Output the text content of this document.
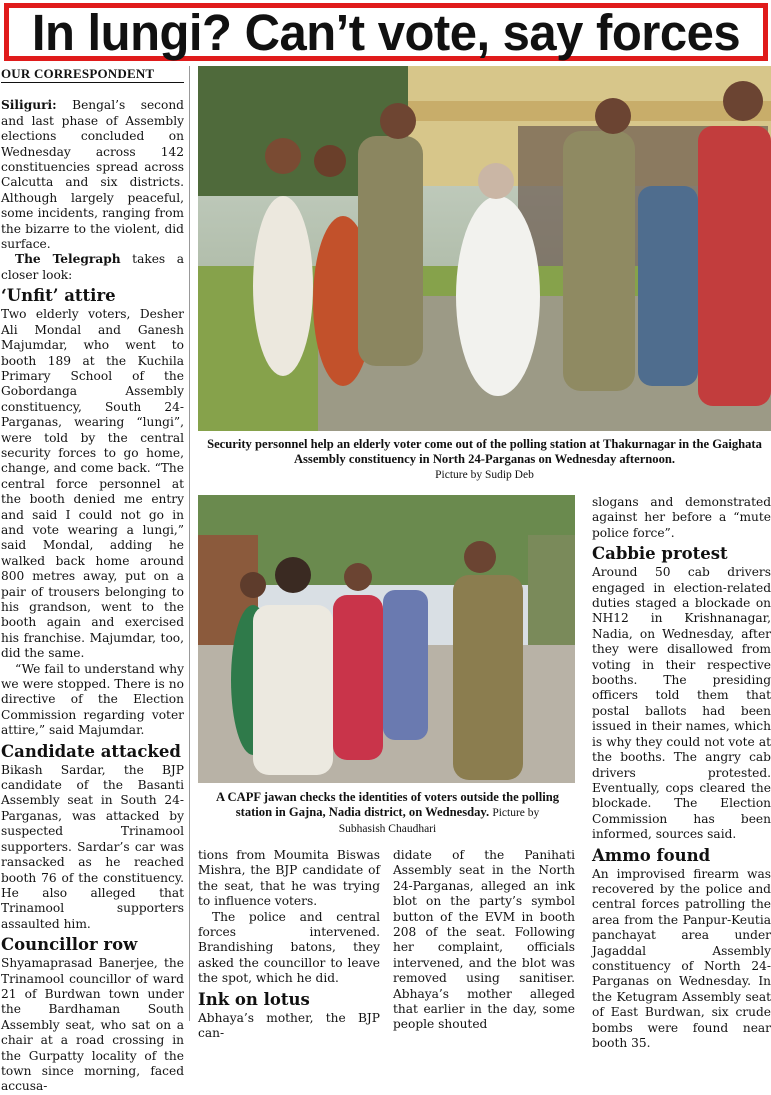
In lungi? Can’t vote, say forces
OUR CORRESPONDENT

Siliguri: Bengal’s second and last phase of Assembly elections concluded on Wednesday across 142 constituencies spread across Calcutta and six districts. Although largely peaceful, some incidents, ranging from the bizarre to the violent, did surface.

The Telegraph takes a closer look:

‘Unfit’ attire

Two elderly voters, Desher Ali Mondal and Ganesh Majumdar, who went to booth 189 at the Kuchila Primary School of the Gobordanga Assembly constituency, South 24-Parganas, wearing “lungi”, were told by the central security forces to go home, change, and come back. “The central force personnel at the booth denied me entry and said I could not go in and vote wearing a lungi,” said Mondal, adding he walked back home around 800 metres away, put on a pair of trousers belonging to his grandson, went to the booth again and exercised his franchise. Majumdar, too, did the same.

“We fail to understand why we were stopped. There is no directive of the Election Commission regarding voter attire,” said Majumdar.

Candidate attacked

Bikash Sardar, the BJP candidate of the Basanti Assembly seat in South 24-Parganas, was attacked by suspected Trinamool supporters. Sardar’s car was ransacked as he reached booth 76 of the constituency. He also alleged that Trinamool supporters assaulted him.

Councillor row

Shyamaprasad Banerjee, the Trinamool councillor of ward 21 of Burdwan town under the Bardhaman South Assembly seat, who sat on a chair at a road crossing in the Gurpatty locality of the town since morning, faced accusa-

Security personnel help an elderly voter come out of the polling station at Thakurnagar in the Gaighata Assembly constituency in North 24-Parganas on Wednesday afternoon.
Picture by Sudip Deb
A CAPF jawan checks the identities of voters outside the polling station in Gajna, Nadia district, on Wednesday. Picture by Subhasish Chaudhari

tions from Moumita Biswas Mishra, the BJP candidate of the seat, that he was trying to influence voters.

The police and central forces intervened. Brandishing batons, they asked the councillor to leave the spot, which he did.

Ink on lotus

Abhaya’s mother, the BJP can-

didate of the Panihati Assembly seat in the North 24-Parganas, alleged an ink blot on the party’s symbol button of the EVM in booth 208 of the seat. Following her complaint, officials intervened, and the blot was removed using sanitiser. Abhaya’s mother alleged that earlier in the day, some people shouted

slogans and demonstrated against her before a “mute police force”.

Cabbie protest

Around 50 cab drivers engaged in election-related duties staged a blockade on NH12 in Krishnanagar, Nadia, on Wednesday, after they were disallowed from voting in their respective booths. The presiding officers told them that postal ballots had been issued in their names, which is why they could not vote at the booths. The angry cab drivers protested. Eventually, cops cleared the blockade. The Election Commission has been informed, sources said.

Ammo found

An improvised firearm was recovered by the police and central forces patrolling the area from the Panpur-Keutia panchayat area under Jagaddal Assembly constituency of North 24-Parganas on Wednesday. In the Ketugram Assembly seat of East Burdwan, six crude bombs were found near booth 35.
